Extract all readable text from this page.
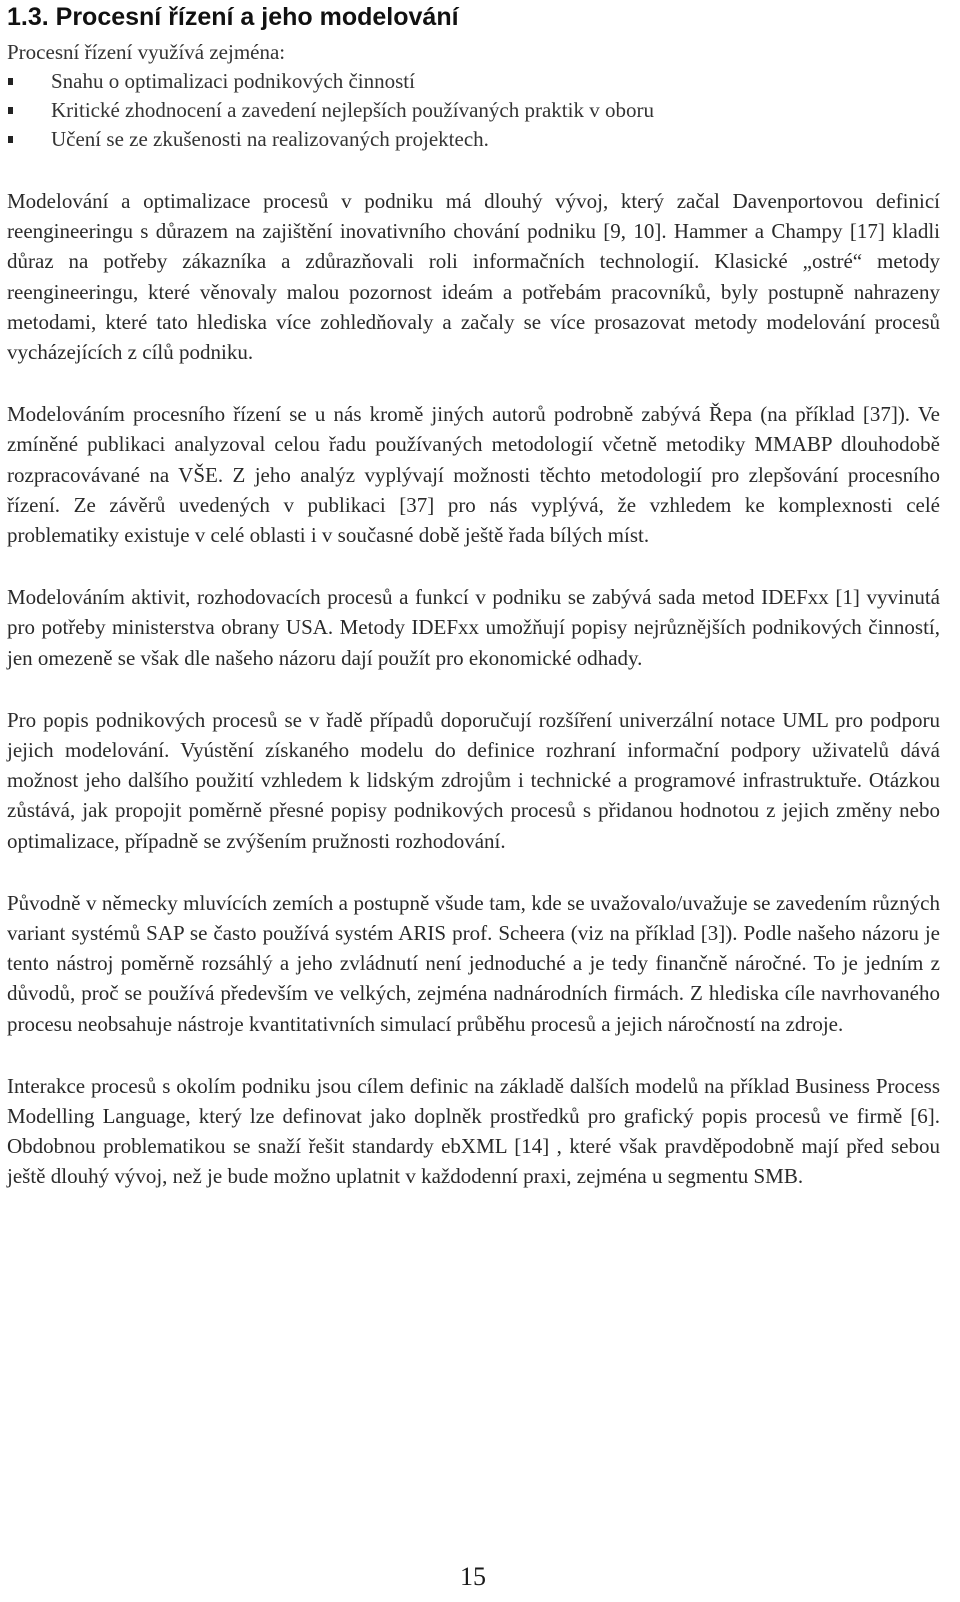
1.3. Procesní řízení a jeho modelování
Procesní řízení využívá zejména:
Snahu o optimalizaci podnikových činností
Kritické zhodnocení a zavedení nejlepších používaných praktik v oboru
Učení se ze zkušenosti na realizovaných projektech.

Modelování a optimalizace procesů v podniku má dlouhý vývoj, který začal Davenportovou definicí reengineeringu s důrazem na zajištění inovativního chování podniku [9, 10]. Hammer a Champy [17] kladli důraz na potřeby zákazníka a zdůrazňovali roli informačních technologií. Klasické „ostré“ metody reengineeringu, které věnovaly malou pozornost ideám a potřebám pracovníků, byly postupně nahrazeny metodami, které tato hlediska více zohledňovaly a začaly se více prosazovat metody modelování procesů vycházejících z cílů podniku.

Modelováním procesního řízení se u nás kromě jiných autorů podrobně zabývá Řepa (na příklad [37]). Ve zmíněné publikaci analyzoval celou řadu používaných metodologií včetně metodiky MMABP dlouhodobě rozpracovávané na VŠE. Z jeho analýz vyplývají možnosti těchto metodologií pro zlepšování procesního řízení. Ze závěrů uvedených v publikaci [37] pro nás vyplývá, že vzhledem ke komplexnosti celé problematiky existuje v celé oblasti i v současné době ještě řada bílých míst.

Modelováním aktivit, rozhodovacích procesů a funkcí v podniku se zabývá sada metod IDEFxx [1] vyvinutá pro potřeby ministerstva obrany USA. Metody IDEFxx umožňují popisy nejrůznějších podnikových činností, jen omezeně se však dle našeho názoru dají použít pro ekonomické odhady.

Pro popis podnikových procesů se v řadě případů doporučují rozšíření univerzální notace UML pro podporu jejich modelování. Vyústění získaného modelu do definice rozhraní informační podpory uživatelů dává možnost jeho dalšího použití vzhledem k lidským zdrojům i technické a programové infrastruktuře. Otázkou zůstává, jak propojit poměrně přesné popisy podnikových procesů s přidanou hodnotou z jejich změny nebo optimalizace, případně se zvýšením pružnosti rozhodování.

Původně v německy mluvících zemích a postupně všude tam, kde se uvažovalo/uvažuje se zavedením různých variant systémů SAP se často používá systém ARIS prof. Scheera (viz na příklad [3]). Podle našeho názoru je tento nástroj poměrně rozsáhlý a jeho zvládnutí není jednoduché a je tedy finančně náročné. To je jedním z důvodů, proč se používá především ve velkých, zejména nadnárodních firmách. Z hlediska cíle navrhovaného procesu neobsahuje nástroje kvantitativních simulací průběhu procesů a jejich náročností na zdroje.

Interakce procesů s okolím podniku jsou cílem definic na základě dalších modelů na příklad Business Process Modelling Language, který lze definovat jako doplněk prostředků pro grafický popis procesů ve firmě [6]. Obdobnou problematikou se snaží řešit standardy ebXML [14] , které však pravděpodobně mají před sebou ještě dlouhý vývoj, než je bude možno uplatnit v každodenní praxi, zejména u segmentu SMB.

15
